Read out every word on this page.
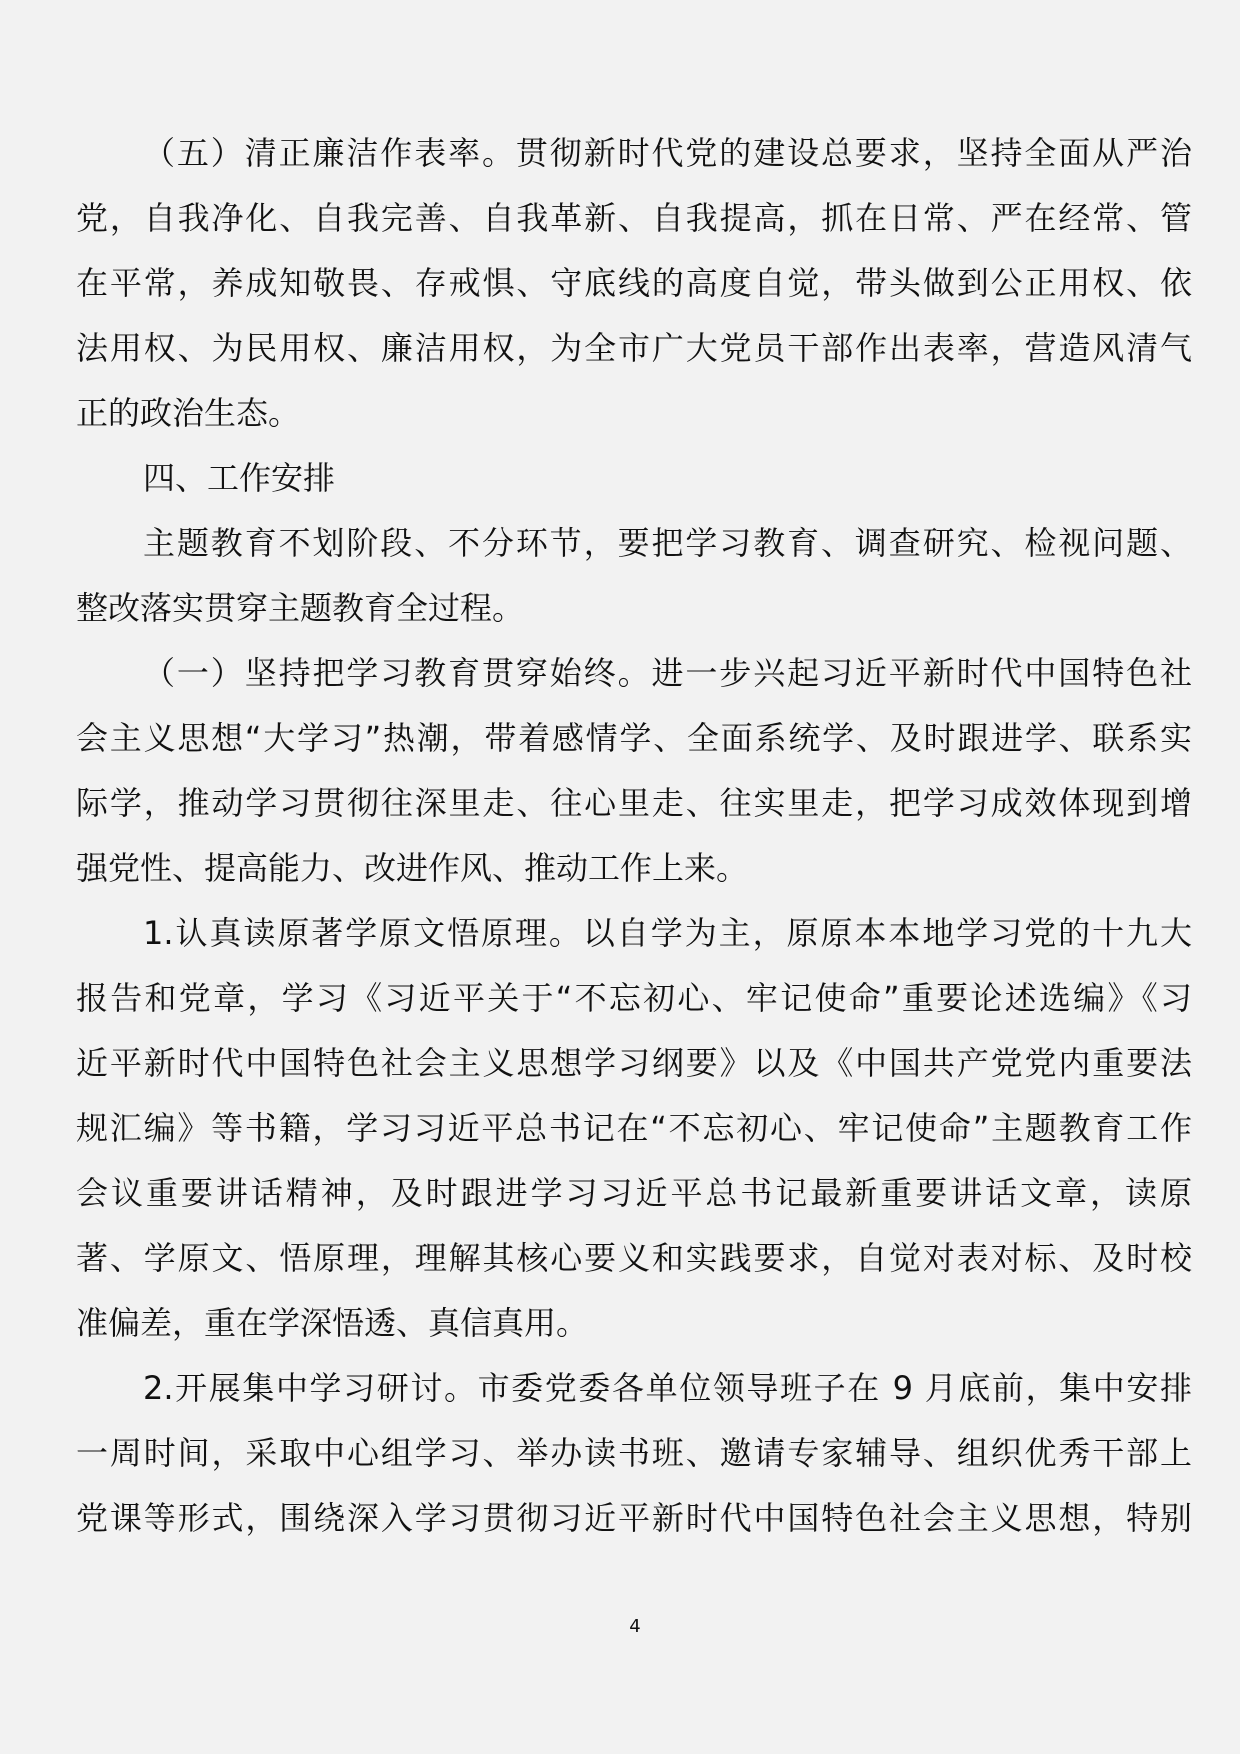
（五）清正廉洁作表率。贯彻新时代党的建设总要求，坚持全面从严治
党，自我净化、自我完善、自我革新、自我提高，抓在日常、严在经常、管
在平常，养成知敬畏、存戒惧、守底线的高度自觉，带头做到公正用权、依
法用权、为民用权、廉洁用权，为全市广大党员干部作出表率，营造风清气
正的政治生态。
四、工作安排
主题教育不划阶段、不分环节，要把学习教育、调查研究、检视问题、
整改落实贯穿主题教育全过程。
（一）坚持把学习教育贯穿始终。进一步兴起习近平新时代中国特色社
会主义思想“大学习”热潮，带着感情学、全面系统学、及时跟进学、联系实
际学，推动学习贯彻往深里走、往心里走、往实里走，把学习成效体现到增
强党性、提高能力、改进作风、推动工作上来。
1.认真读原著学原文悟原理。以自学为主，原原本本地学习党的十九大
报告和党章，学习《习近平关于“不忘初心、牢记使命”重要论述选编》《习
近平新时代中国特色社会主义思想学习纲要》以及《中国共产党党内重要法
规汇编》等书籍，学习习近平总书记在“不忘初心、牢记使命”主题教育工作
会议重要讲话精神，及时跟进学习习近平总书记最新重要讲话文章，读原
著、学原文、悟原理，理解其核心要义和实践要求，自觉对表对标、及时校
准偏差，重在学深悟透、真信真用。
2.开展集中学习研讨。市委党委各单位领导班子在 9 月底前，集中安排
一周时间，采取中心组学习、举办读书班、邀请专家辅导、组织优秀干部上
党课等形式，围绕深入学习贯彻习近平新时代中国特色社会主义思想，特别
4
